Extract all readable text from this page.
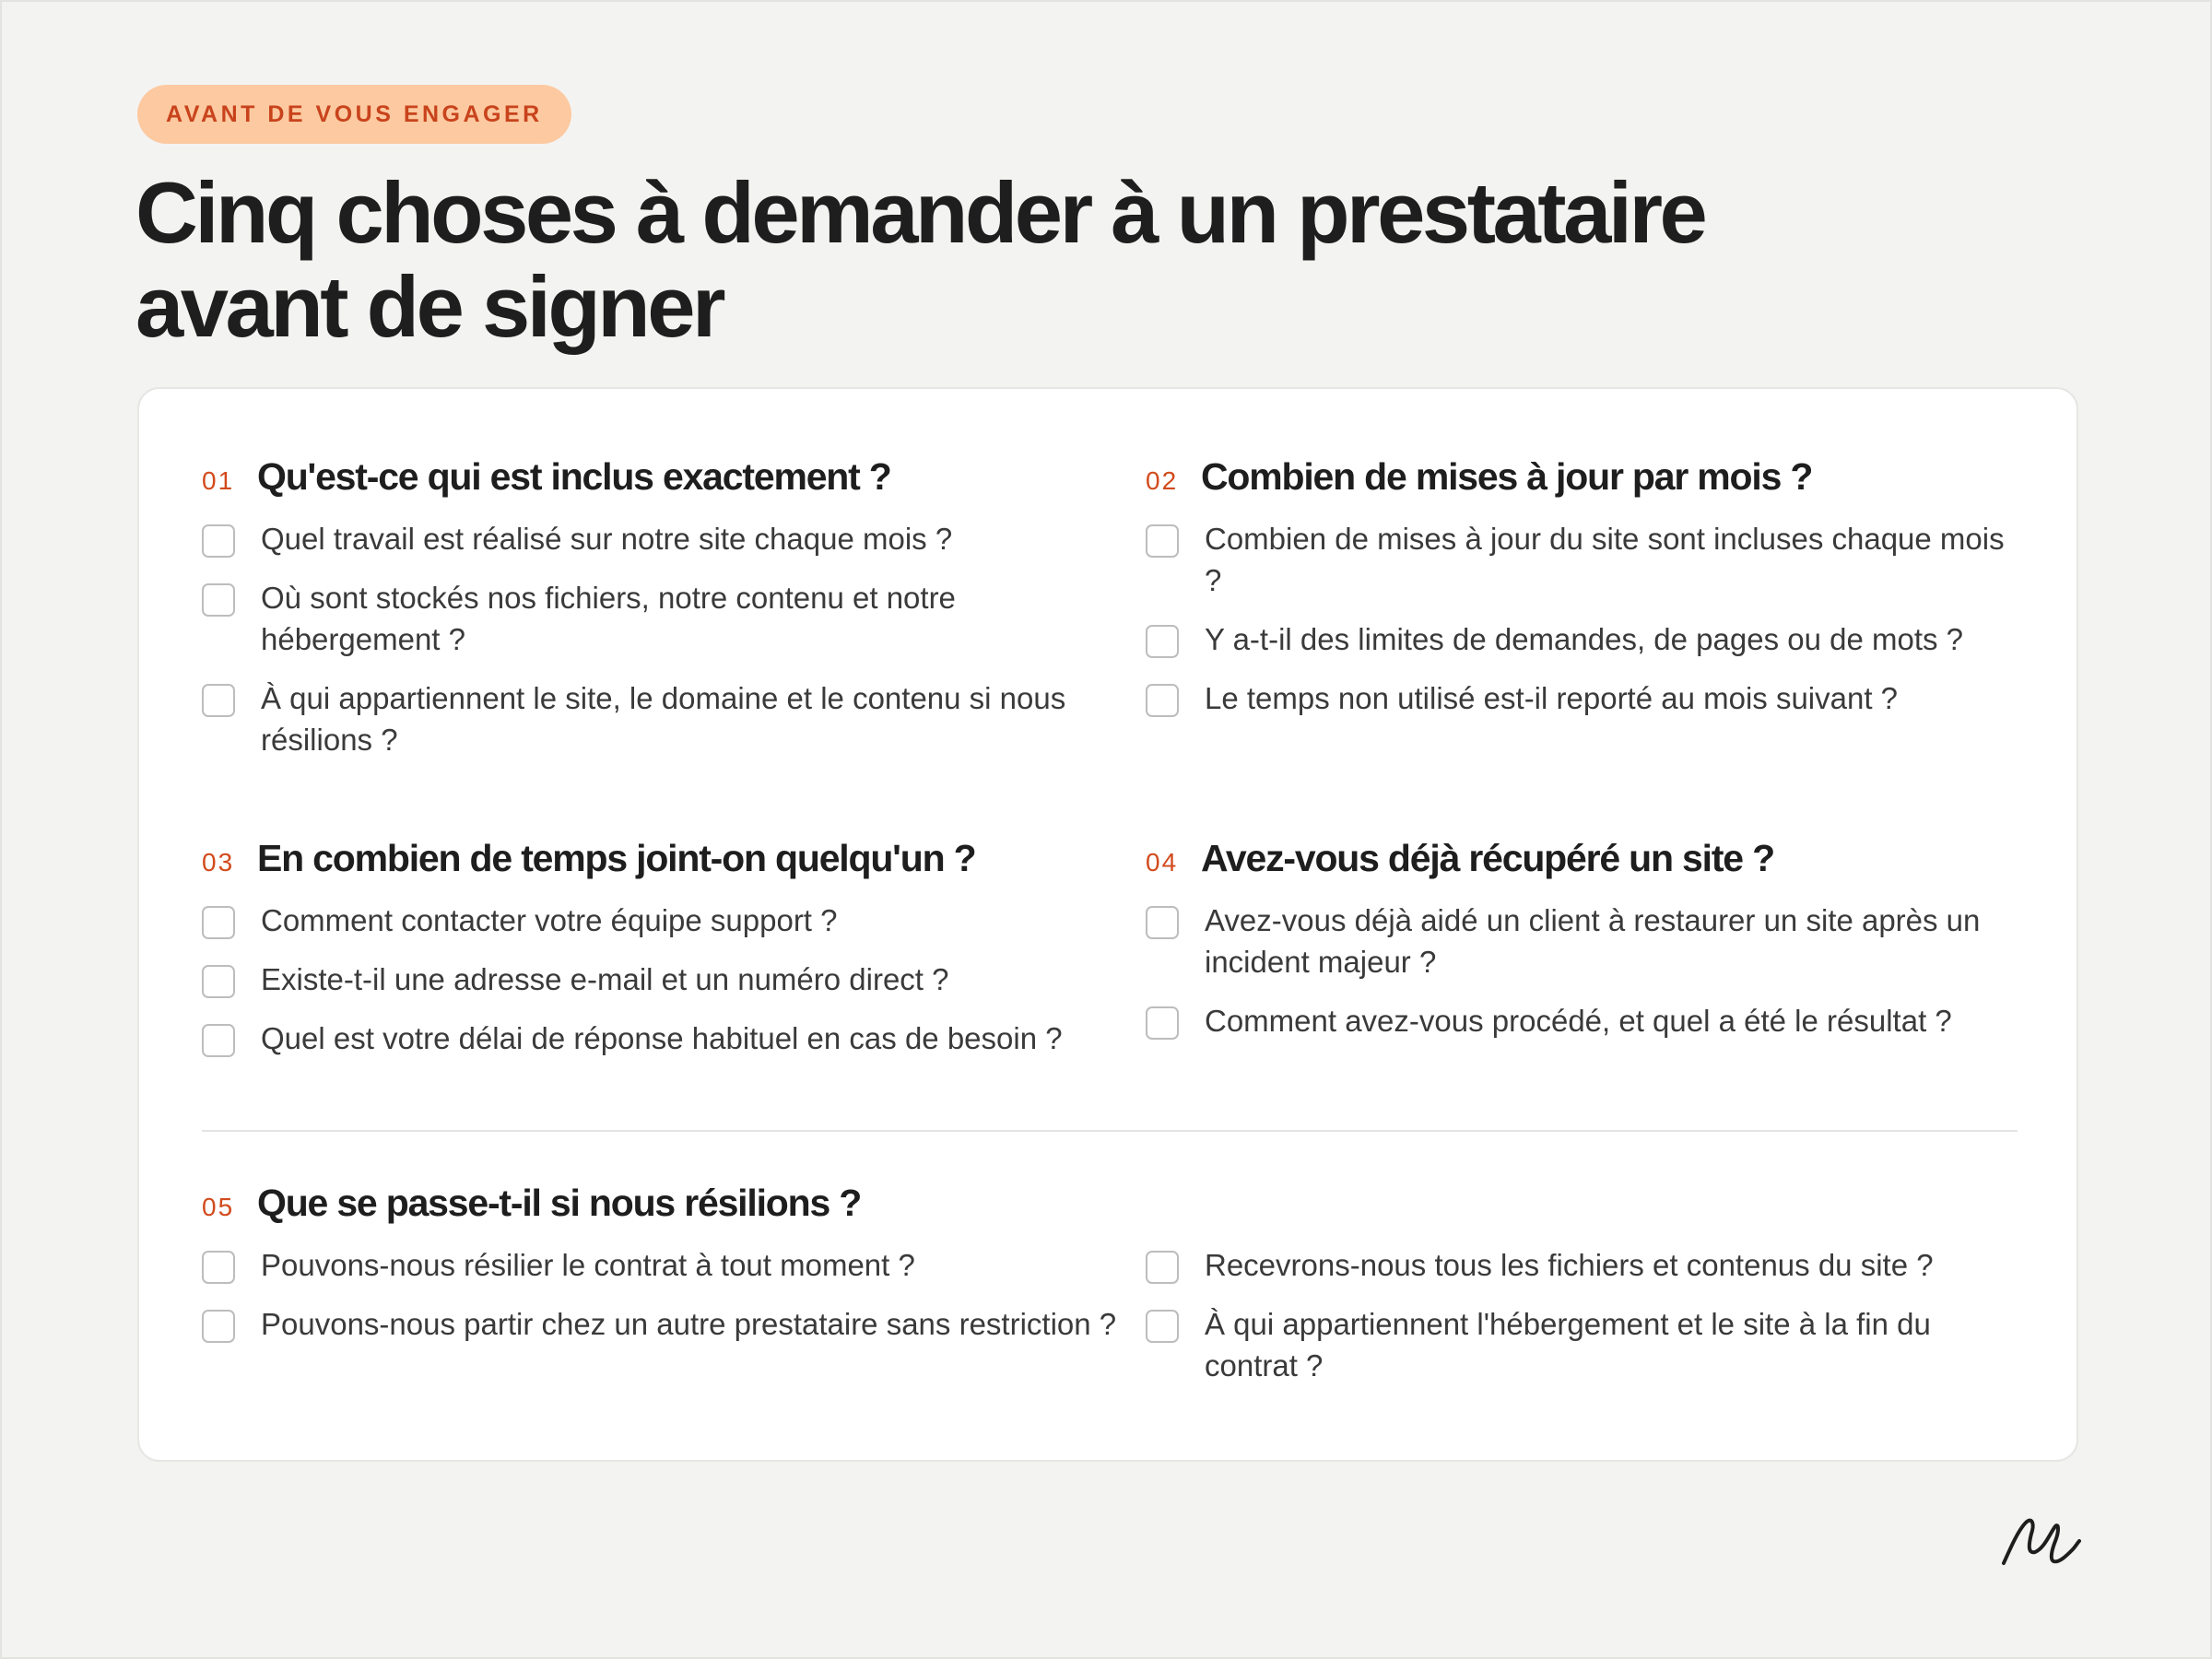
AVANT DE VOUS ENGAGER
Cinq choses à demander à un prestataire avant de signer
01 Qu'est-ce qui est inclus exactement ?
Quel travail est réalisé sur notre site chaque mois ?
Où sont stockés nos fichiers, notre contenu et notre hébergement ?
À qui appartiennent le site, le domaine et le contenu si nous résilions ?
02 Combien de mises à jour par mois ?
Combien de mises à jour du site sont incluses chaque mois ?
Y a-t-il des limites de demandes, de pages ou de mots ?
Le temps non utilisé est-il reporté au mois suivant ?
03 En combien de temps joint-on quelqu'un ?
Comment contacter votre équipe support ?
Existe-t-il une adresse e-mail et un numéro direct ?
Quel est votre délai de réponse habituel en cas de besoin ?
04 Avez-vous déjà récupéré un site ?
Avez-vous déjà aidé un client à restaurer un site après un incident majeur ?
Comment avez-vous procédé, et quel a été le résultat ?
05 Que se passe-t-il si nous résilions ?
Pouvons-nous résilier le contrat à tout moment ?
Pouvons-nous partir chez un autre prestataire sans restriction ?
Recevrons-nous tous les fichiers et contenus du site ?
À qui appartiennent l'hébergement et le site à la fin du contrat ?
